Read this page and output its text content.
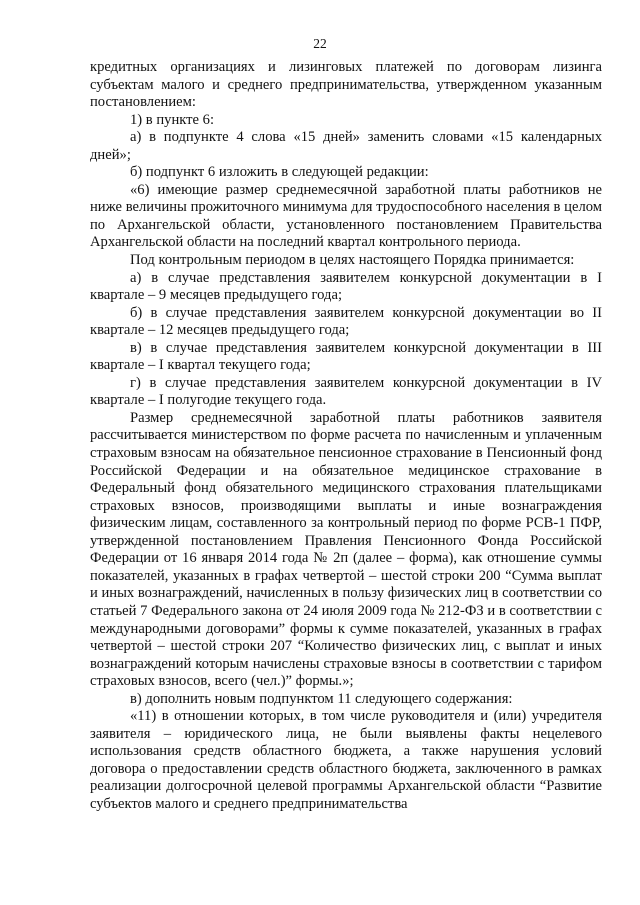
22

кредитных организациях и лизинговых платежей по договорам лизинга субъектам малого и среднего предпринимательства, утвержденном указанным постановлением:

1) в пункте 6:

а) в подпункте 4 слова «15 дней» заменить словами «15 календарных дней»;

б) подпункт 6 изложить в следующей редакции:

«6) имеющие размер среднемесячной заработной платы работников не ниже величины прожиточного минимума для трудоспособного населения в целом по Архангельской области, установленного постановлением Правительства Архангельской области на последний квартал контрольного периода.

Под контрольным периодом в целях настоящего Порядка принимается:

а) в случае представления заявителем конкурсной документации в I квартале – 9 месяцев предыдущего года;

б) в случае представления заявителем конкурсной документации во II квартале – 12 месяцев предыдущего года;

в) в случае представления заявителем конкурсной документации в III квартале – I квартал текущего года;

г) в случае представления заявителем конкурсной документации в IV квартале – I полугодие текущего года.

Размер среднемесячной заработной платы работников заявителя рассчитывается министерством по форме расчета по начисленным и уплаченным страховым взносам на обязательное пенсионное страхование в Пенсионный фонд Российской Федерации и на обязательное медицинское страхование в Федеральный фонд обязательного медицинского страхования плательщиками страховых взносов, производящими выплаты и иные вознаграждения физическим лицам, составленного за контрольный период по форме РСВ-1 ПФР, утвержденной постановлением Правления Пенсионного Фонда Российской Федерации от 16 января 2014 года № 2п (далее – форма), как отношение суммы показателей, указанных в графах четвертой – шестой строки 200 “Сумма выплат и иных вознаграждений, начисленных в пользу физических лиц в соответствии со статьей 7 Федерального закона от 24 июля 2009 года № 212-ФЗ и в соответствии с международными договорами” формы к сумме показателей, указанных в графах четвертой – шестой строки 207 “Количество физических лиц, с выплат и иных вознаграждений которым начислены страховые взносы в соответствии с тарифом страховых взносов, всего (чел.)” формы.»;

в) дополнить новым подпунктом 11 следующего содержания:

«11) в отношении которых, в том числе руководителя и (или) учредителя заявителя – юридического лица, не были выявлены факты нецелевого использования средств областного бюджета, а также нарушения условий договора о предоставлении средств областного бюджета, заключенного в рамках реализации долгосрочной целевой программы Архангельской области “Развитие субъектов малого и среднего предпринимательства
